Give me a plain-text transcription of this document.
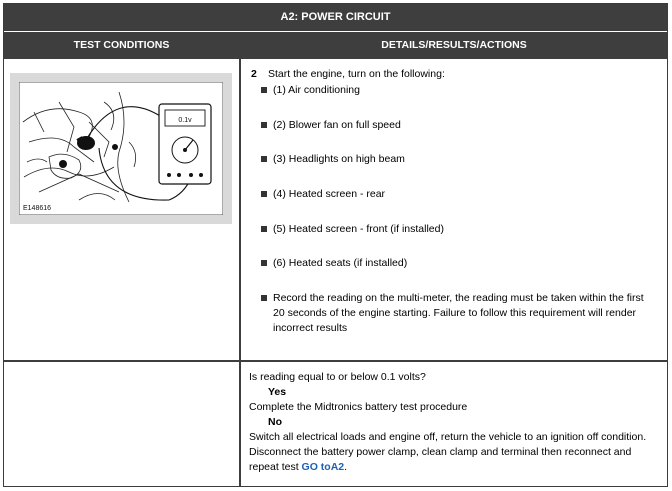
A2: POWER CIRCUIT
TEST CONDITIONS	DETAILS/RESULTS/ACTIONS
0.1v
E148616
2 Start the engine, turn on the following:
(1) Air conditioning
(2) Blower fan on full speed
(3) Headlights on high beam
(4) Heated screen - rear
(5) Heated screen - front (if installed)
(6) Heated seats (if installed)
Record the reading on the multi-meter, the reading must be taken within the first 20 seconds of the engine starting. Failure to follow this requirement will render incorrect results
Is reading equal to or below 0.1 volts?
Yes
Complete the Midtronics battery test procedure
No
Switch all electrical loads and engine off, return the vehicle to an ignition off condition.
Disconnect the battery power clamp, clean clamp and terminal then reconnect and repeat test GO toA2.
